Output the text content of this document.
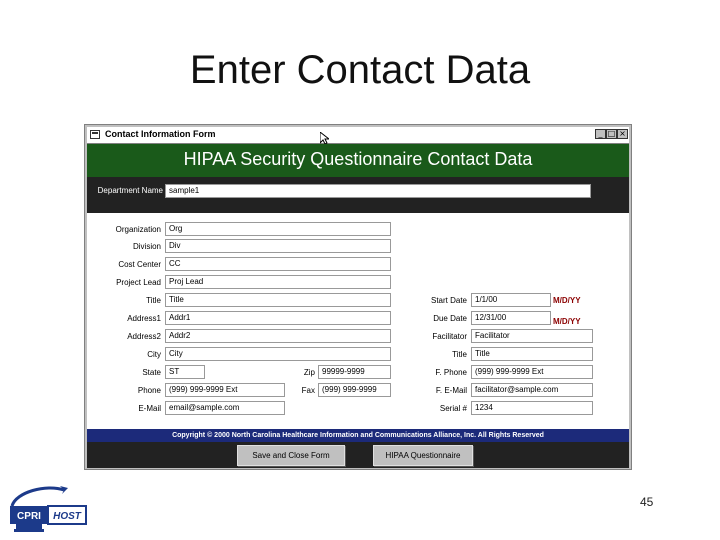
Enter Contact Data
Contact Information Form	_ □ ×
HIPAA Security Questionnaire Contact Data
Department Name sample1
Organization	Org
Division	Div
Cost Center	CC
Project Lead	Proj Lead
Title	Title
Address1	Addr1
Address2	Addr2
City	City
State	ST	Zip 99999-9999
Phone	(999) 999-9999 Ext	Fax (999) 999-9999
E-Mail	email@sample.com
Start Date	1/1/00	M/D/YY
Due Date	12/31/00	M/D/YY
Facilitator	Facilitator
Title	Title
F. Phone	(999) 999-9999 Ext
F. E-Mail	facilitator@sample.com
Serial #	1234
Copyright © 2000 North Carolina Healthcare Information and Communications Alliance, Inc. All Rights Reserved
Save and Close Form	HIPAA Questionnaire
CPRI HOST
45
